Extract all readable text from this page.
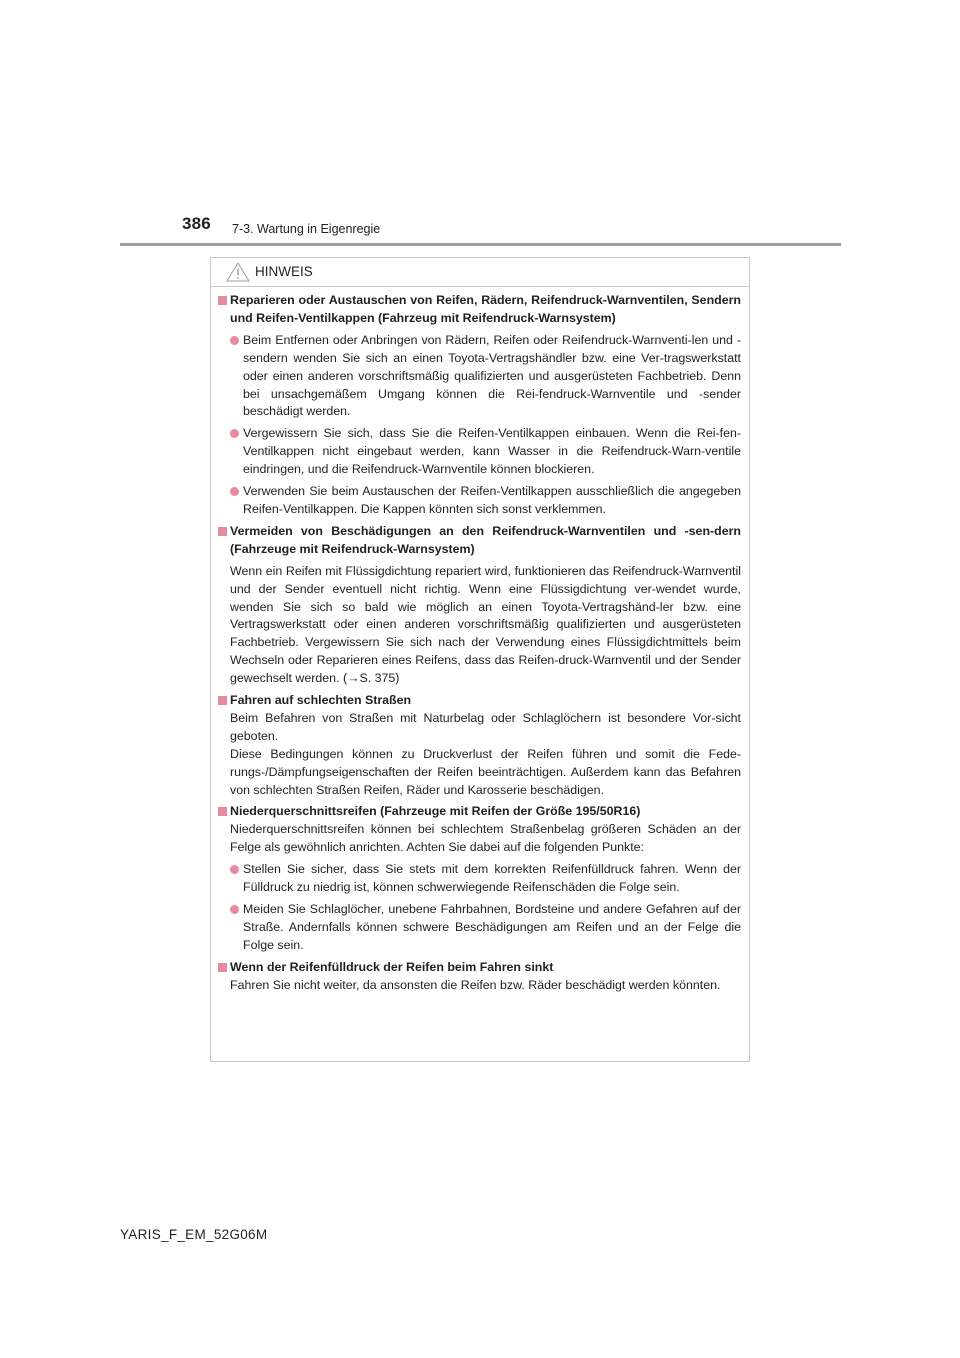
386 7-3. Wartung in Eigenregie
HINWEIS
Reparieren oder Austauschen von Reifen, Rädern, Reifendruck-Warnventilen, Sendern und Reifen-Ventilkappen (Fahrzeug mit Reifendruck-Warnsystem)
Beim Entfernen oder Anbringen von Rädern, Reifen oder Reifendruck-Warnventi-len und -sendern wenden Sie sich an einen Toyota-Vertragshändler bzw. eine Ver-tragswerkstatt oder einen anderen vorschriftsmäßig qualifizierten und ausgerüsteten Fachbetrieb. Denn bei unsachgemäßem Umgang können die Rei-fendruck-Warnventile und -sender beschädigt werden.
Vergewissern Sie sich, dass Sie die Reifen-Ventilkappen einbauen. Wenn die Rei-fen-Ventilkappen nicht eingebaut werden, kann Wasser in die Reifendruck-Warn-ventile eindringen, und die Reifendruck-Warnventile können blockieren.
Verwenden Sie beim Austauschen der Reifen-Ventilkappen ausschließlich die angegeben Reifen-Ventilkappen. Die Kappen könnten sich sonst verklemmen.
Vermeiden von Beschädigungen an den Reifendruck-Warnventilen und -sen-dern (Fahrzeuge mit Reifendruck-Warnsystem)
Wenn ein Reifen mit Flüssigdichtung repariert wird, funktionieren das Reifendruck-Warnventil und der Sender eventuell nicht richtig. Wenn eine Flüssigdichtung ver-wendet wurde, wenden Sie sich so bald wie möglich an einen Toyota-Vertragshänd-ler bzw. eine Vertragswerkstatt oder einen anderen vorschriftsmäßig qualifizierten und ausgerüsteten Fachbetrieb. Vergewissern Sie sich nach der Verwendung eines Flüssigdichtmittels beim Wechseln oder Reparieren eines Reifens, dass das Reifen-druck-Warnventil und der Sender gewechselt werden. (→S. 375)
Fahren auf schlechten Straßen
Beim Befahren von Straßen mit Naturbelag oder Schlaglöchern ist besondere Vor-sicht geboten.
Diese Bedingungen können zu Druckverlust der Reifen führen und somit die Fede-rungs-/Dämpfungseigenschaften der Reifen beeinträchtigen. Außerdem kann das Befahren von schlechten Straßen Reifen, Räder und Karosserie beschädigen.
Niederquerschnittsreifen (Fahrzeuge mit Reifen der Größe 195/50R16)
Niederquerschnittsreifen können bei schlechtem Straßenbelag größeren Schäden an der Felge als gewöhnlich anrichten. Achten Sie dabei auf die folgenden Punkte:
Stellen Sie sicher, dass Sie stets mit dem korrekten Reifenfülldruck fahren. Wenn der Fülldruck zu niedrig ist, können schwerwiegende Reifenschäden die Folge sein.
Meiden Sie Schlaglöcher, unebene Fahrbahnen, Bordsteine und andere Gefahren auf der Straße. Andernfalls können schwere Beschädigungen am Reifen und an der Felge die Folge sein.
Wenn der Reifenfülldruck der Reifen beim Fahren sinkt
Fahren Sie nicht weiter, da ansonsten die Reifen bzw. Räder beschädigt werden könnten.
YARIS_F_EM_52G06M
